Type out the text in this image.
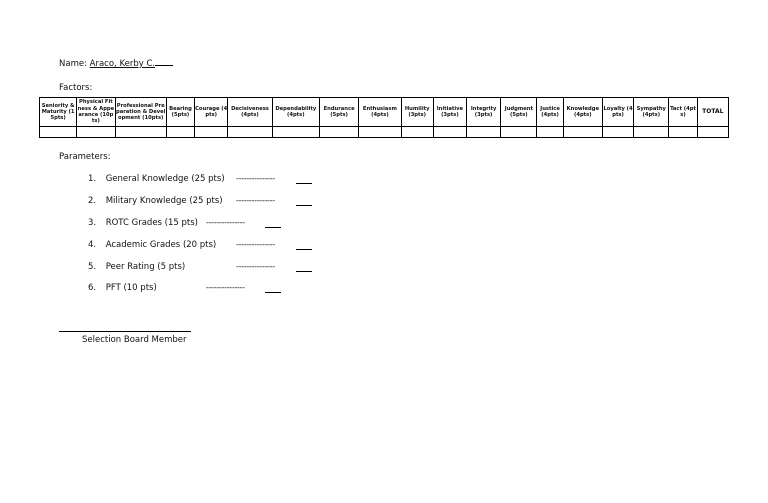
Name: Araco, Kerby C.
Factors:
Seniority & Maturity (15pts)	Physical Fitness & Appearance (10pts)	Professional Preparation & Development (10pts)	Bearing (5pts)	Courage (4pts)	Decisiveness (4pts)	Dependability (4pts)	Endurance (5pts)	Enthusiasm (4pts)	Humility (3pts)	Initiative (3pts)	Integrity (3pts)	Judgment (5pts)	Justice (4pts)	Knowledge (4pts)	Loyalty (4 pts)	Sympathy (4pts)	Tact (4pts)	TOTAL

Parameters:
1. General Knowledge (25 pts) ---------------
2. Military Knowledge (25 pts) ---------------
3. ROTC Grades (15 pts) ---------------
4. Academic Grades (20 pts) ---------------
5. Peer Rating (5 pts)	---------------
6. PFT (10 pts)	---------------
Selection Board Member
